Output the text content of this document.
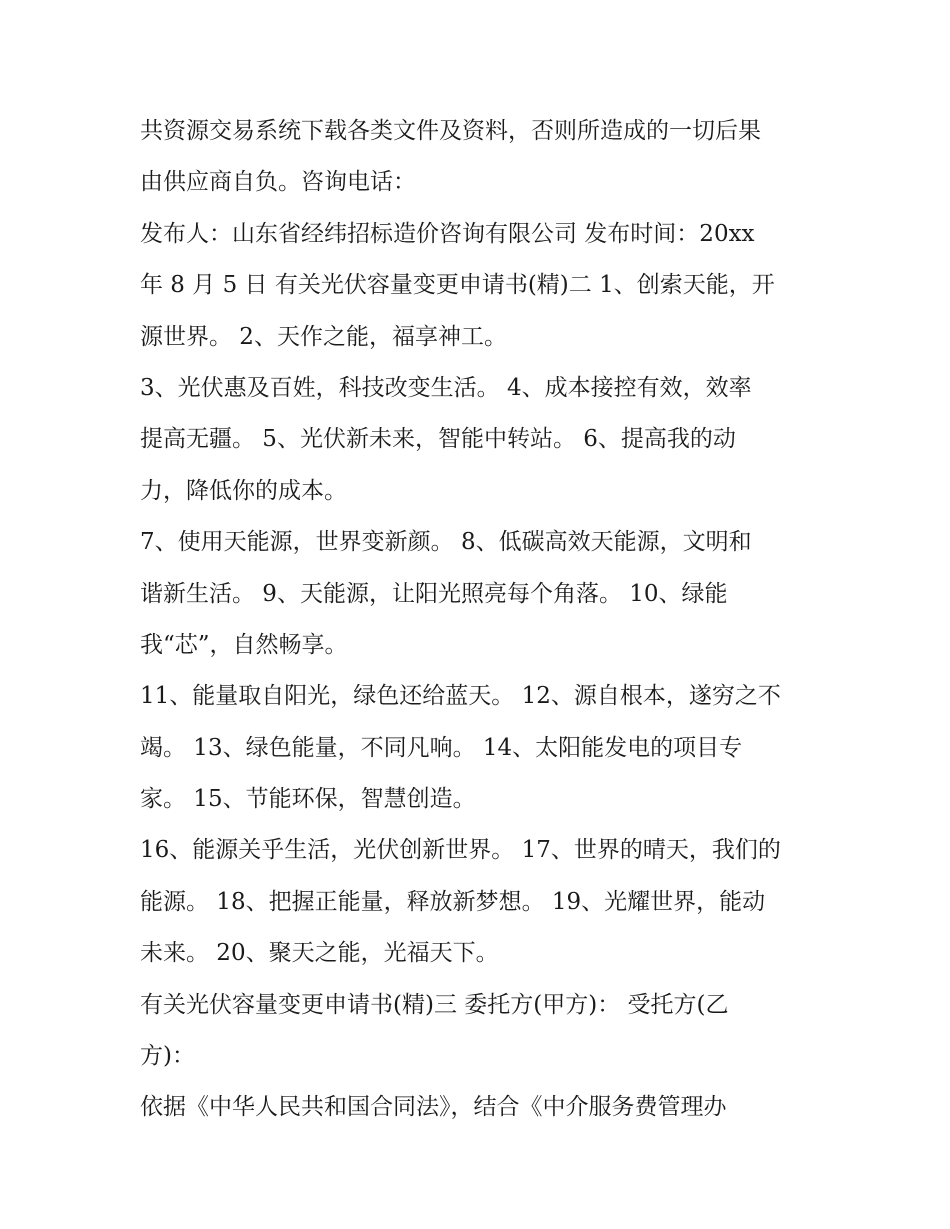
共资源交易系统下载各类文件及资料，否则所造成的一切后果
由供应商自负。咨询电话：
发布人：山东省经纬招标造价咨询有限公司 发布时间：20xx
年 8 月 5 日 有关光伏容量变更申请书(精)二 1、创索天能，开
源世界。 2、天作之能，福享神工。
3、光伏惠及百姓，科技改变生活。 4、成本接控有效，效率
提高无疆。 5、光伏新未来，智能中转站。 6、提高我的动
力，降低你的成本。
7、使用天能源，世界变新颜。 8、低碳高效天能源，文明和
谐新生活。 9、天能源，让阳光照亮每个角落。 10、绿能
我“芯”，自然畅享。
11、能量取自阳光，绿色还给蓝天。 12、源自根本，遂穷之不
竭。 13、绿色能量，不同凡响。 14、太阳能发电的项目专
家。 15、节能环保，智慧创造。
16、能源关乎生活，光伏创新世界。 17、世界的晴天，我们的
能源。 18、把握正能量，释放新梦想。 19、光耀世界，能动
未来。 20、聚天之能，光福天下。
有关光伏容量变更申请书(精)三 委托方(甲方)： 受托方(乙
方)：
依据《中华人民共和国合同法》，结合《中介服务费管理办
